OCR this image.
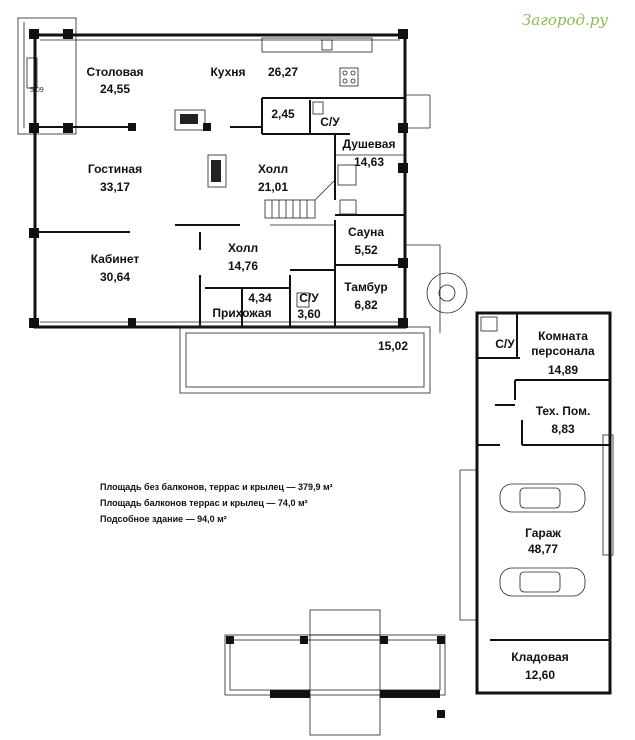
Загород.ру
5,09
Столовая
24,55
Кухня 26,27
2,45
С/У
Душевая
14,63
Гостиная
33,17
Холл
21,01
Сауна
5,52
Кабинет
30,64
Холл
14,76
Тамбур
6,82
4,34
Прихожая
С/У
3,60
15,02	С/У
Комната
персонала
14,89
Тех. Пом.
8,83
Гараж
48,77
Кладовая
12,60
Площадь без балконов, террас и крылец — 379,9 м²
Площадь балконов террас и крылец — 74,0 м²
Подсобное здание — 94,0 м²
